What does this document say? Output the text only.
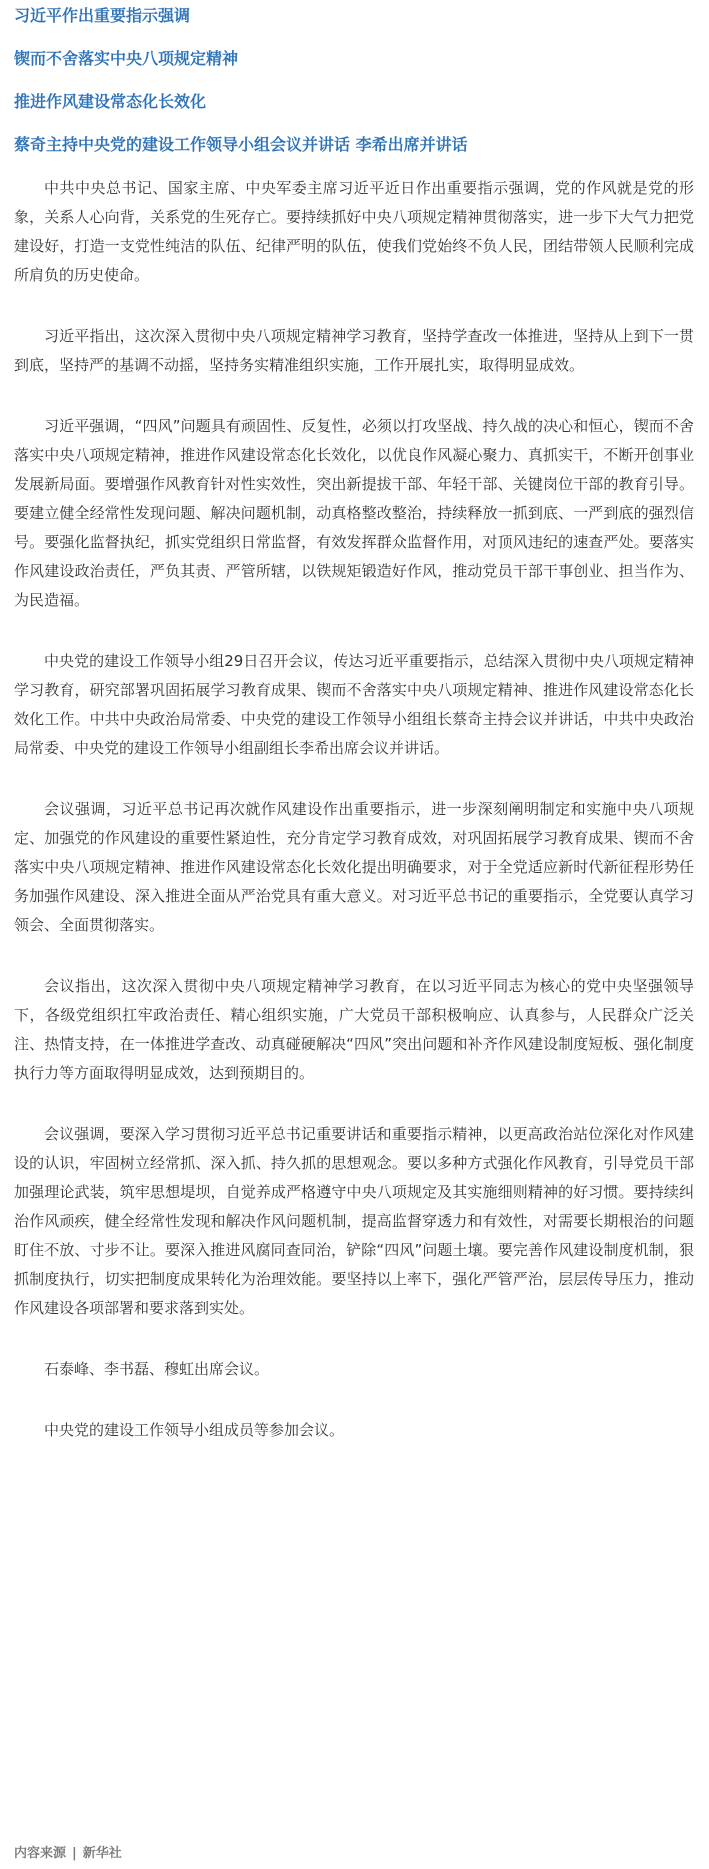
习近平作出重要指示强调
锲而不舍落实中央八项规定精神
推进作风建设常态化长效化
蔡奇主持中央党的建设工作领导小组会议并讲话 李希出席并讲话

中共中央总书记、国家主席、中央军委主席习近平近日作出重要指示强调，党的作风就是党的形象，关系人心向背，关系党的生死存亡。要持续抓好中央八项规定精神贯彻落实，进一步下大气力把党建设好，打造一支党性纯洁的队伍、纪律严明的队伍，使我们党始终不负人民，团结带领人民顺利完成所肩负的历史使命。

习近平指出，这次深入贯彻中央八项规定精神学习教育，坚持学查改一体推进，坚持从上到下一贯到底，坚持严的基调不动摇，坚持务实精准组织实施，工作开展扎实，取得明显成效。

习近平强调，“四风”问题具有顽固性、反复性，必须以打攻坚战、持久战的决心和恒心，锲而不舍落实中央八项规定精神，推进作风建设常态化长效化，以优良作风凝心聚力、真抓实干，不断开创事业发展新局面。要增强作风教育针对性实效性，突出新提拔干部、年轻干部、关键岗位干部的教育引导。要建立健全经常性发现问题、解决问题机制，动真格整改整治，持续释放一抓到底、一严到底的强烈信号。要强化监督执纪，抓实党组织日常监督，有效发挥群众监督作用，对顶风违纪的速查严处。要落实作风建设政治责任，严负其责、严管所辖，以铁规矩锻造好作风，推动党员干部干事创业、担当作为、为民造福。

中央党的建设工作领导小组29日召开会议，传达习近平重要指示，总结深入贯彻中央八项规定精神学习教育，研究部署巩固拓展学习教育成果、锲而不舍落实中央八项规定精神、推进作风建设常态化长效化工作。中共中央政治局常委、中央党的建设工作领导小组组长蔡奇主持会议并讲话，中共中央政治局常委、中央党的建设工作领导小组副组长李希出席会议并讲话。

会议强调，习近平总书记再次就作风建设作出重要指示，进一步深刻阐明制定和实施中央八项规定、加强党的作风建设的重要性紧迫性，充分肯定学习教育成效，对巩固拓展学习教育成果、锲而不舍落实中央八项规定精神、推进作风建设常态化长效化提出明确要求，对于全党适应新时代新征程形势任务加强作风建设、深入推进全面从严治党具有重大意义。对习近平总书记的重要指示，全党要认真学习领会、全面贯彻落实。

会议指出，这次深入贯彻中央八项规定精神学习教育，在以习近平同志为核心的党中央坚强领导下，各级党组织扛牢政治责任、精心组织实施，广大党员干部积极响应、认真参与，人民群众广泛关注、热情支持，在一体推进学查改、动真碰硬解决“四风”突出问题和补齐作风建设制度短板、强化制度执行力等方面取得明显成效，达到预期目的。

会议强调，要深入学习贯彻习近平总书记重要讲话和重要指示精神，以更高政治站位深化对作风建设的认识，牢固树立经常抓、深入抓、持久抓的思想观念。要以多种方式强化作风教育，引导党员干部加强理论武装，筑牢思想堤坝，自觉养成严格遵守中央八项规定及其实施细则精神的好习惯。要持续纠治作风顽疾，健全经常性发现和解决作风问题机制，提高监督穿透力和有效性，对需要长期根治的问题盯住不放、寸步不让。要深入推进风腐同查同治，铲除“四风”问题土壤。要完善作风建设制度机制，狠抓制度执行，切实把制度成果转化为治理效能。要坚持以上率下，强化严管严治，层层传导压力，推动作风建设各项部署和要求落到实处。

石泰峰、李书磊、穆虹出席会议。

中央党的建设工作领导小组成员等参加会议。

内容来源 | 新华社
